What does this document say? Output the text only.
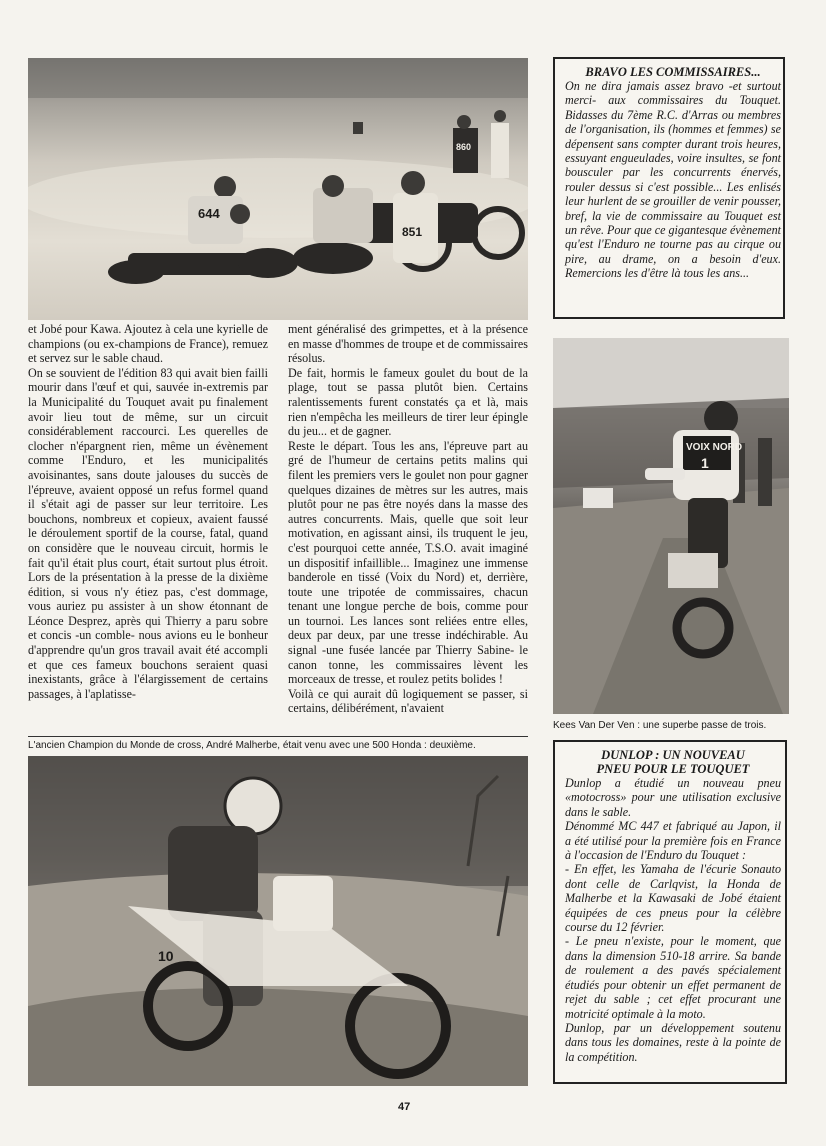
644
860
851

et Jobé pour Kawa. Ajoutez à cela une kyrielle de champions (ou ex-champions de France), remuez et servez sur le sable chaud.

On se souvient de l'édition 83 qui avait bien failli mourir dans l'œuf et qui, sauvée in-extremis par la Municipalité du Touquet avait pu finalement avoir lieu tout de même, sur un circuit considérablement raccourci. Les querelles de clocher n'épargnent rien, même un évènement comme l'Enduro, et les municipalités avoisinantes, sans doute jalouses du succès de l'épreuve, avaient opposé un refus formel quand il s'était agi de passer sur leur territoire. Les bouchons, nombreux et copieux, avaient faussé le déroulement sportif de la course, fatal, quand on considère que le nouveau circuit, hormis le fait qu'il était plus court, était surtout plus étroit. Lors de la présentation à la presse de la dixième édition, si vous n'y étiez pas, c'est dommage, vous auriez pu assister à un show étonnant de Léonce Desprez, après qui Thierry a paru sobre et concis -un comble- nous avions eu le bonheur d'apprendre qu'un gros travail avait été accompli et que ces fameux bouchons seraient quasi inexistants, grâce à l'élargissement de certains passages, à l'aplatisse-

ment généralisé des grimpettes, et à la présence en masse d'hommes de troupe et de commissaires résolus.

De fait, hormis le fameux goulet du bout de la plage, tout se passa plutôt bien. Certains ralentissements furent constatés ça et là, mais rien n'empêcha les meilleurs de tirer leur épingle du jeu... et de gagner.

Reste le départ. Tous les ans, l'épreuve part au gré de l'humeur de certains petits malins qui filent les premiers vers le goulet non pour gagner quelques dizaines de mètres sur les autres, mais plutôt pour ne pas être noyés dans la masse des autres concurrents. Mais, quelle que soit leur motivation, en agissant ainsi, ils truquent le jeu, c'est pourquoi cette année, T.S.O. avait imaginé un dispositif infaillible... Imaginez une immense banderole en tissé (Voix du Nord) et, derrière, toute une tripotée de commissaires, chacun tenant une longue perche de bois, comme pour un tournoi. Les lances sont reliées entre elles, deux par deux, par une tresse indéchirable. Au signal -une fusée lancée par Thierry Sabine- le canon tonne, les commissaires lèvent les morceaux de tresse, et roulez petits bolides !

Voilà ce qui aurait dû logiquement se passer, si certains, délibérément, n'avaient

BRAVO LES COMMISSAIRES...

On ne dira jamais assez bravo -et surtout merci- aux commissaires du Touquet. Bidasses du 7ème R.C. d'Arras ou membres de l'organisation, ils (hommes et femmes) se dépensent sans compter durant trois heures, essuyant engueulades, voire insultes, se font bousculer par les concurrents énervés, rouler dessus si c'est possible... Les enlisés leur hurlent de se grouiller de venir pousser, bref, la vie de commissaire au Touquet est un rêve. Pour que ce gigantesque évènement qu'est l'Enduro ne tourne pas au cirque ou pire, au drame, on a besoin d'eux. Remercions les d'être là tous les ans...

VOIX NORD
1
Kees Van Der Ven : une superbe passe de trois.
L'ancien Champion du Monde de cross, André Malherbe, était venu avec une 500 Honda : deuxième.
10
DUNLOP : UN NOUVEAU
PNEU POUR LE TOUQUET

Dunlop a étudié un nouveau pneu «motocross» pour une utilisation exclusive dans le sable.

Dénommé MC 447 et fabriqué au Japon, il a été utilisé pour la première fois en France à l'occasion de l'Enduro du Touquet :

- En effet, les Yamaha de l'écurie Sonauto dont celle de Carlqvist, la Honda de Malherbe et la Kawasaki de Jobé étaient équipées de ces pneus pour la célèbre course du 12 février.

- Le pneu n'existe, pour le moment, que dans la dimension 510-18 arrire. Sa bande de roulement a des pavés spécialement étudiés pour obtenir un effet permanent de rejet du sable ; cet effet procurant une motricité optimale à la moto.

Dunlop, par un développement soutenu dans tous les domaines, reste à la pointe de la compétition.

47
